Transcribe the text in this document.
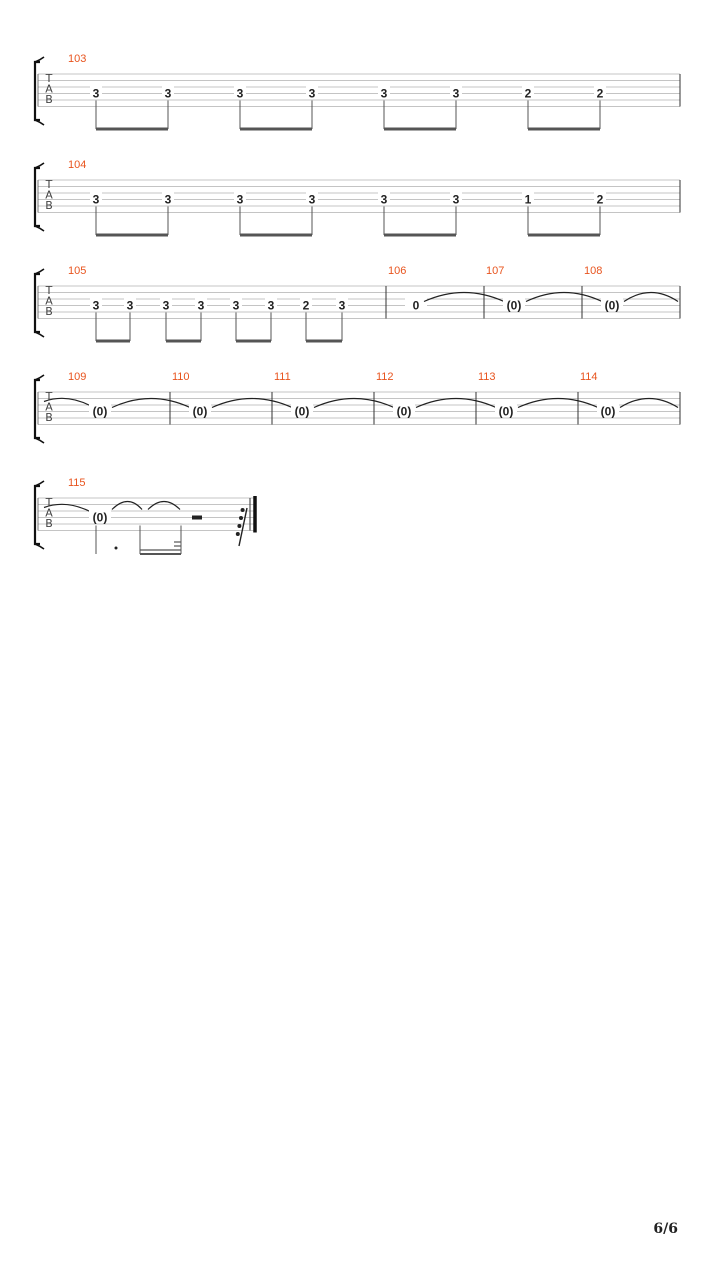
T
A
B
103
3	3	3	3	3	3	2	2
T
A
B
104
3	3	3	3	3	3	1	2
T
A
B
105
3 3 3 3 3 3 2 3
106
0
107
(0)
108
(0)
T
A
B
109
(0)
110
(0)
111
(0)
112
(0)
113
(0)
114
(0)
T
A
B
115
(0)
6/6
